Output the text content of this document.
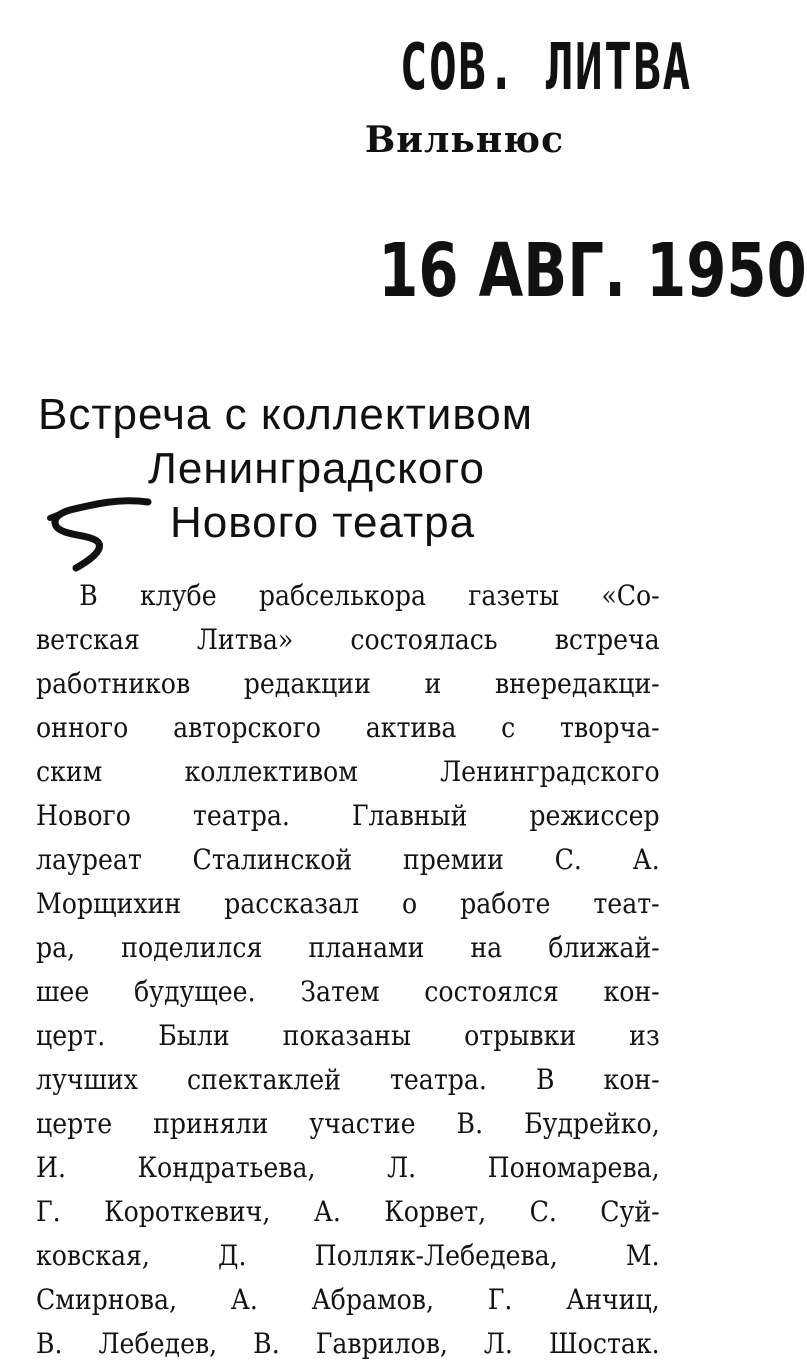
СОВ. ЛИТВА
Вильнюс
16 АВГ. 1950
Встреча с коллективом
Ленинградского
Нового театра
В клубе рабселькора газеты «Со-
ветская Литва» состоялась встреча
работников редакции и внередакци-
онного авторского актива с творча-
ским коллективом Ленинградского
Нового театра. Главный режиссер
лауреат Сталинской премии С. А.
Морщихин рассказал о работе теат-
ра, поделился планами на ближай-
шее будущее. Затем состоялся кон-
церт. Были показаны отрывки из
лучших спектаклей театра. В кон-
церте приняли участие В. Будрейко,
И. Кондратьева, Л. Пономарева,
Г. Короткевич, А. Корвет, С. Суй-
ковская, Д. Полляк-Лебедева, М.
Смирнова, А. Абрамов, Г. Анчиц,
В. Лебедев, В. Гаврилов, Л. Шостак.
